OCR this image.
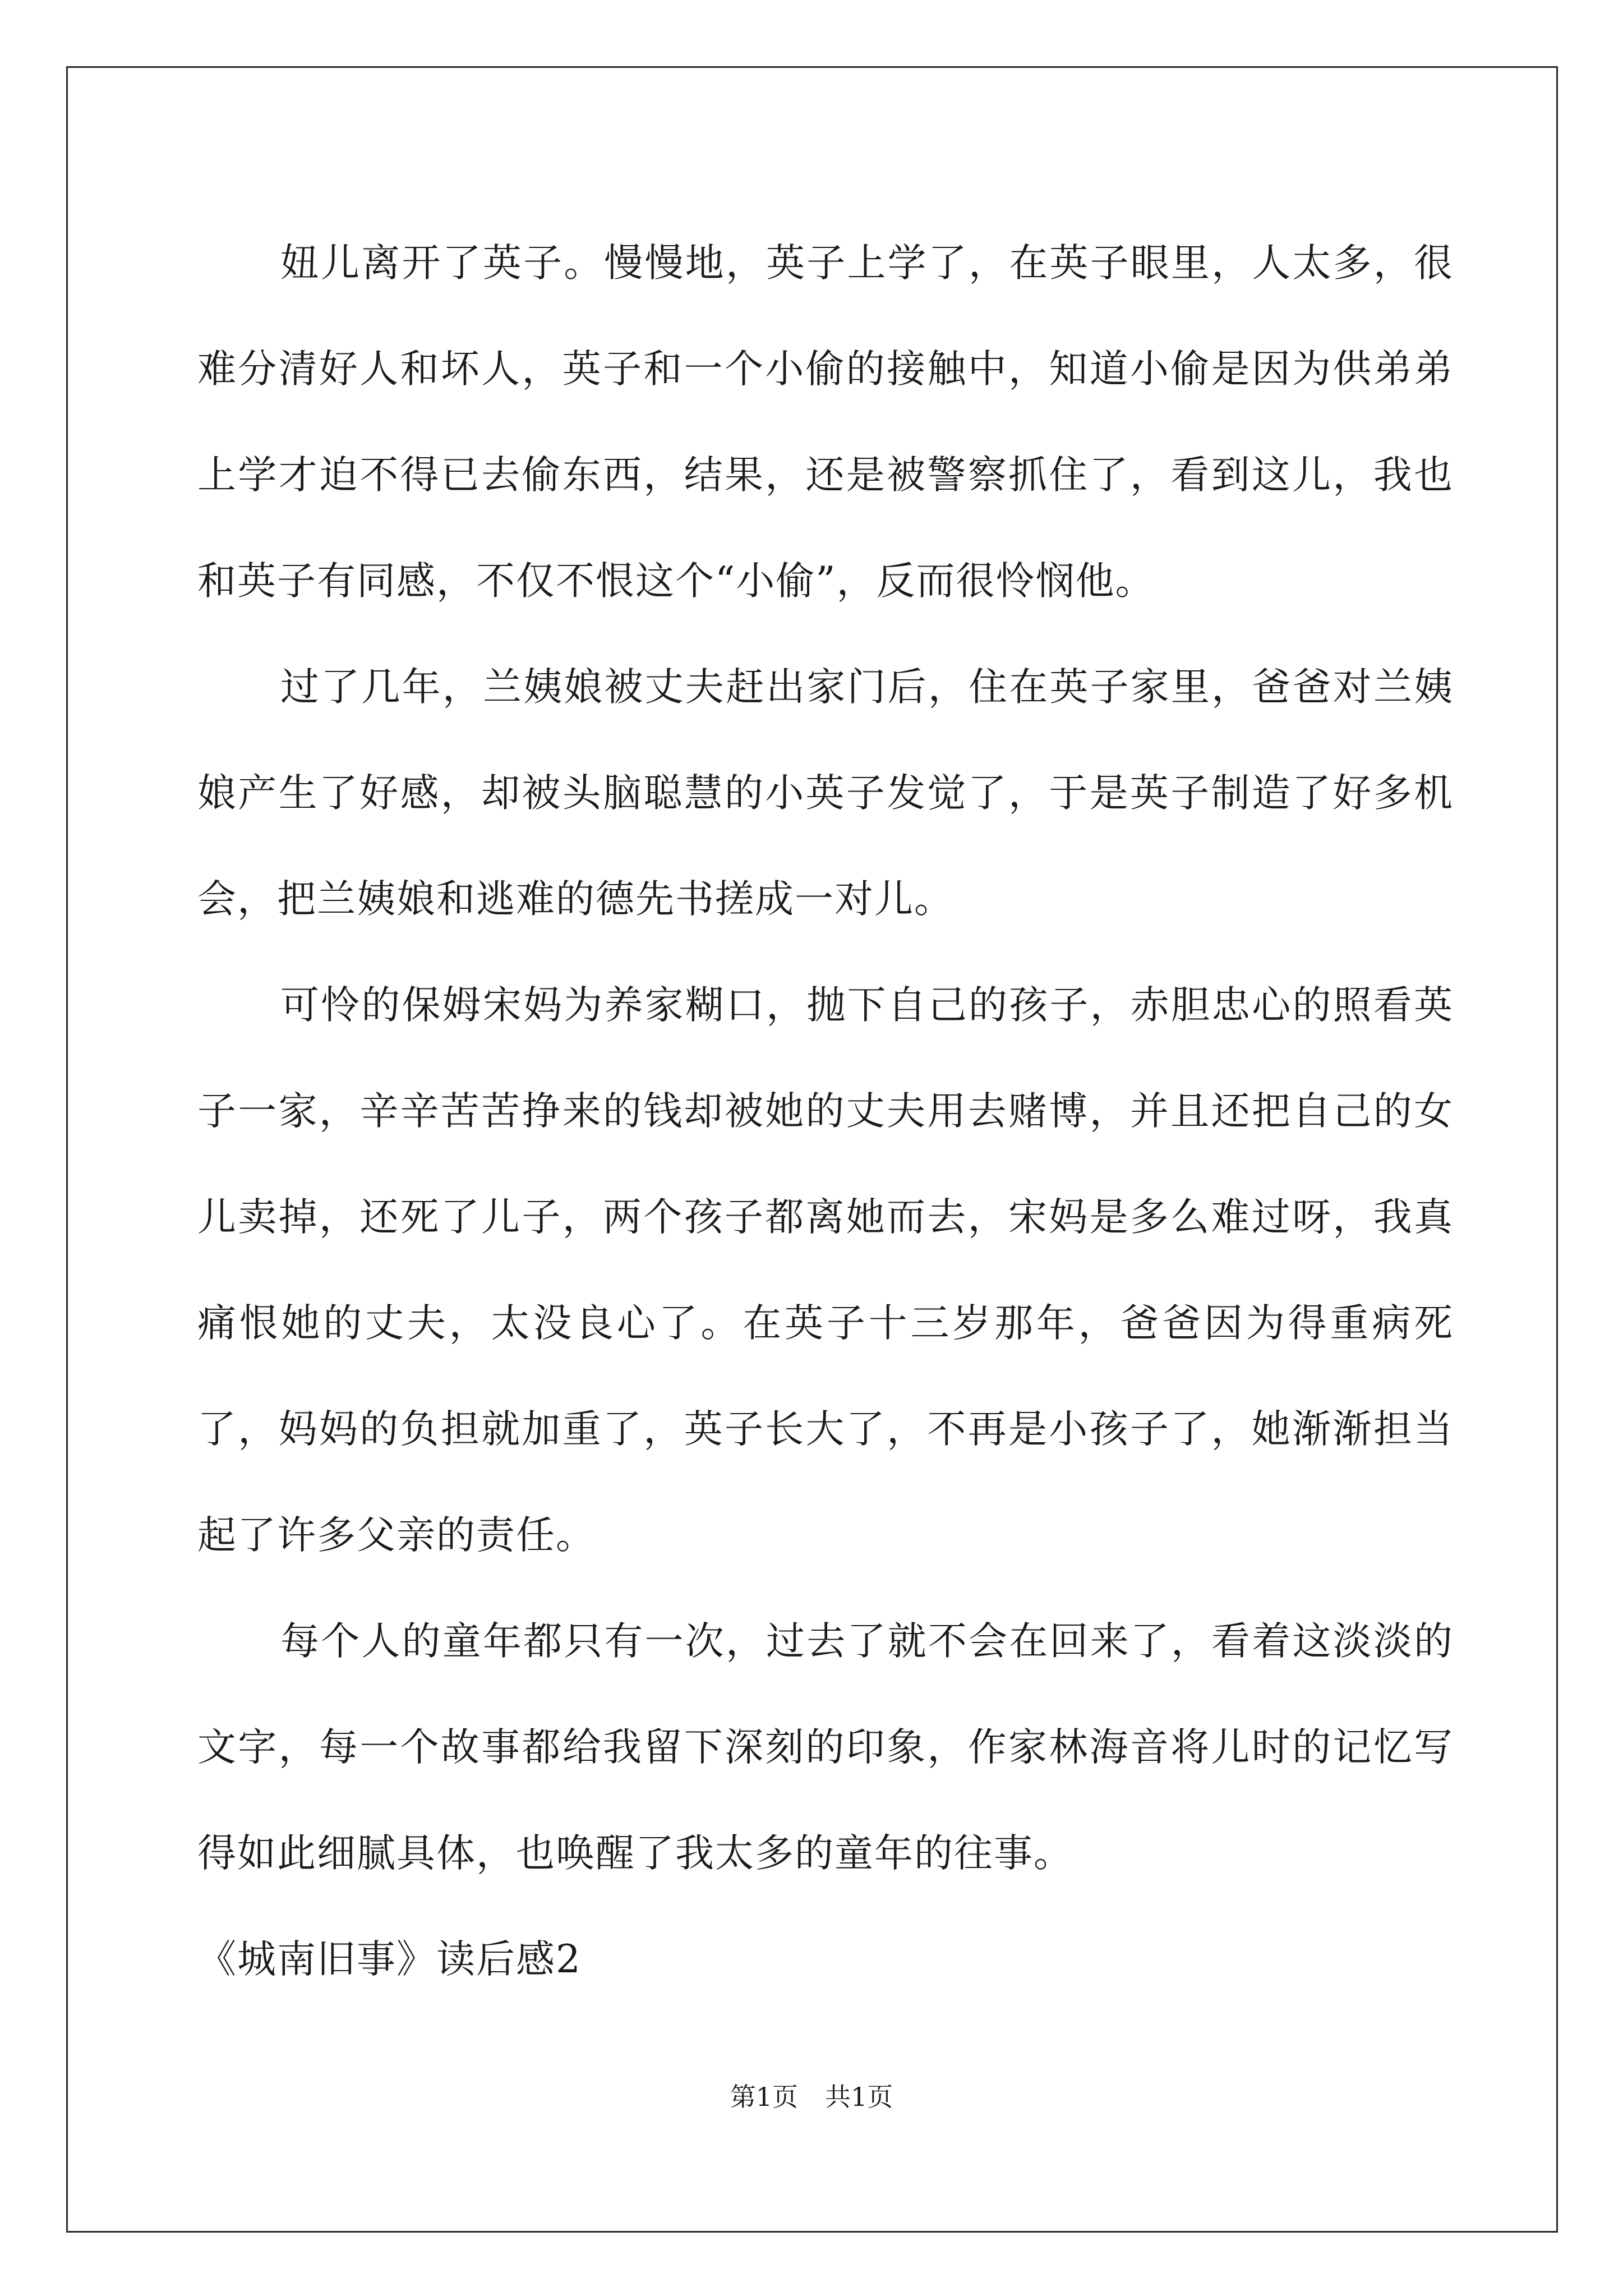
妞儿离开了英子。慢慢地，英子上学了，在英子眼里，人太多，很难分清好人和坏人，英子和一个小偷的接触中，知道小偷是因为供弟弟上学才迫不得已去偷东西，结果，还是被警察抓住了，看到这儿，我也和英子有同感，不仅不恨这个“小偷”，反而很怜悯他。

过了几年，兰姨娘被丈夫赶出家门后，住在英子家里，爸爸对兰姨娘产生了好感，却被头脑聪慧的小英子发觉了，于是英子制造了好多机会，把兰姨娘和逃难的德先书搓成一对儿。

可怜的保姆宋妈为养家糊口，抛下自己的孩子，赤胆忠心的照看英子一家，辛辛苦苦挣来的钱却被她的丈夫用去赌博，并且还把自己的女儿卖掉，还死了儿子，两个孩子都离她而去，宋妈是多么难过呀，我真痛恨她的丈夫，太没良心了。在英子十三岁那年，爸爸因为得重病死了，妈妈的负担就加重了，英子长大了，不再是小孩子了，她渐渐担当起了许多父亲的责任。

每个人的童年都只有一次，过去了就不会在回来了，看着这淡淡的文字，每一个故事都给我留下深刻的印象，作家林海音将儿时的记忆写得如此细腻具体，也唤醒了我太多的童年的往事。

《城南旧事》读后感2

第1页 共1页
